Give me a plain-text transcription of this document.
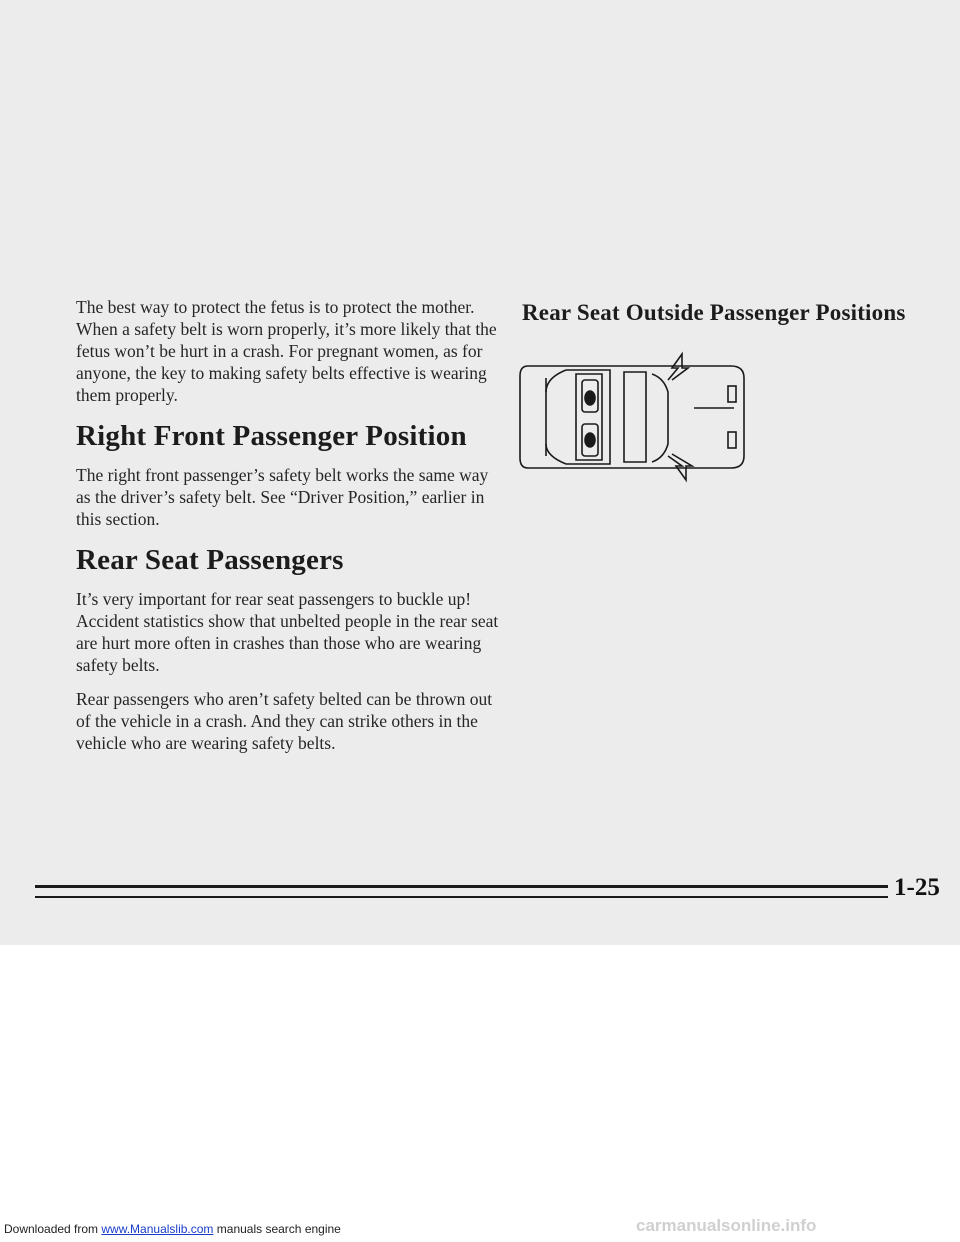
The best way to protect the fetus is to protect the mother. When a safety belt is worn properly, it’s more likely that the fetus won’t be hurt in a crash. For pregnant women, as for anyone, the key to making safety belts effective is wearing them properly.

Right Front Passenger Position

The right front passenger’s safety belt works the same way as the driver’s safety belt. See “Driver Position,” earlier in this section.

Rear Seat Passengers

It’s very important for rear seat passengers to buckle up! Accident statistics show that unbelted people in the rear seat are hurt more often in crashes than those who are wearing safety belts.

Rear passengers who aren’t safety belted can be thrown out of the vehicle in a crash. And they can strike others in the vehicle who are wearing safety belts.

Rear Seat Outside Passenger Positions
1-25
Downloaded from www.Manualslib.com manuals search engine	carmanualsonline.info
